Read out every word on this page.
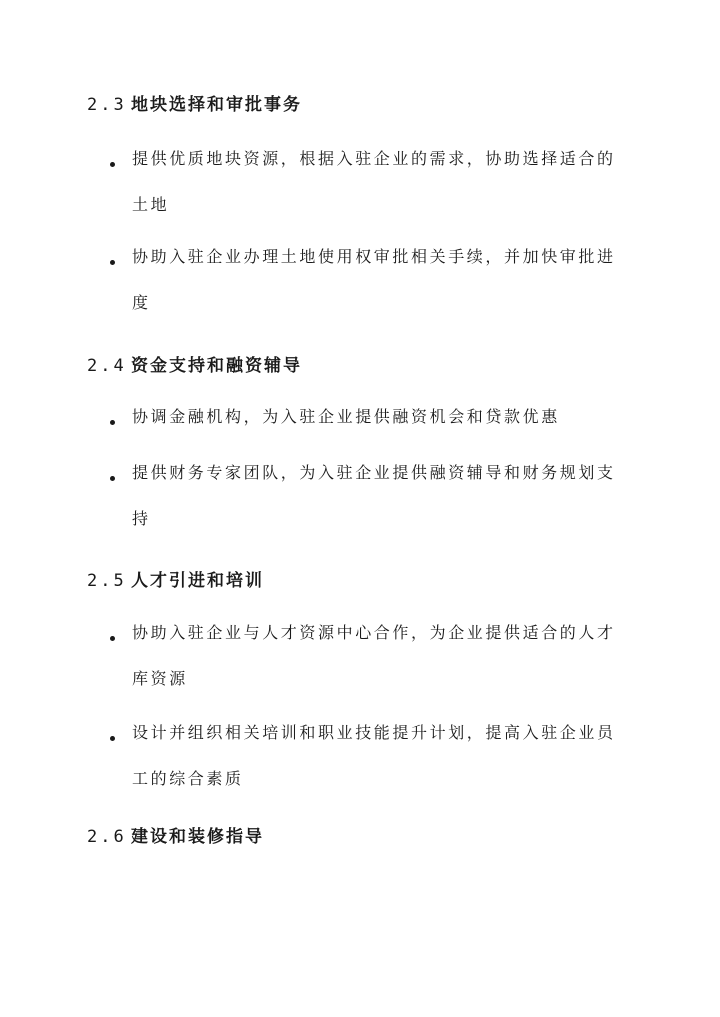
2.3 地块选择和审批事务
提供优质地块资源，根据入驻企业的需求，协助选择适合的土地
协助入驻企业办理土地使用权审批相关手续，并加快审批进度
2.4 资金支持和融资辅导
协调金融机构，为入驻企业提供融资机会和贷款优惠
提供财务专家团队，为入驻企业提供融资辅导和财务规划支持
2.5 人才引进和培训
协助入驻企业与人才资源中心合作，为企业提供适合的人才库资源
设计并组织相关培训和职业技能提升计划，提高入驻企业员工的综合素质
2.6 建设和装修指导
